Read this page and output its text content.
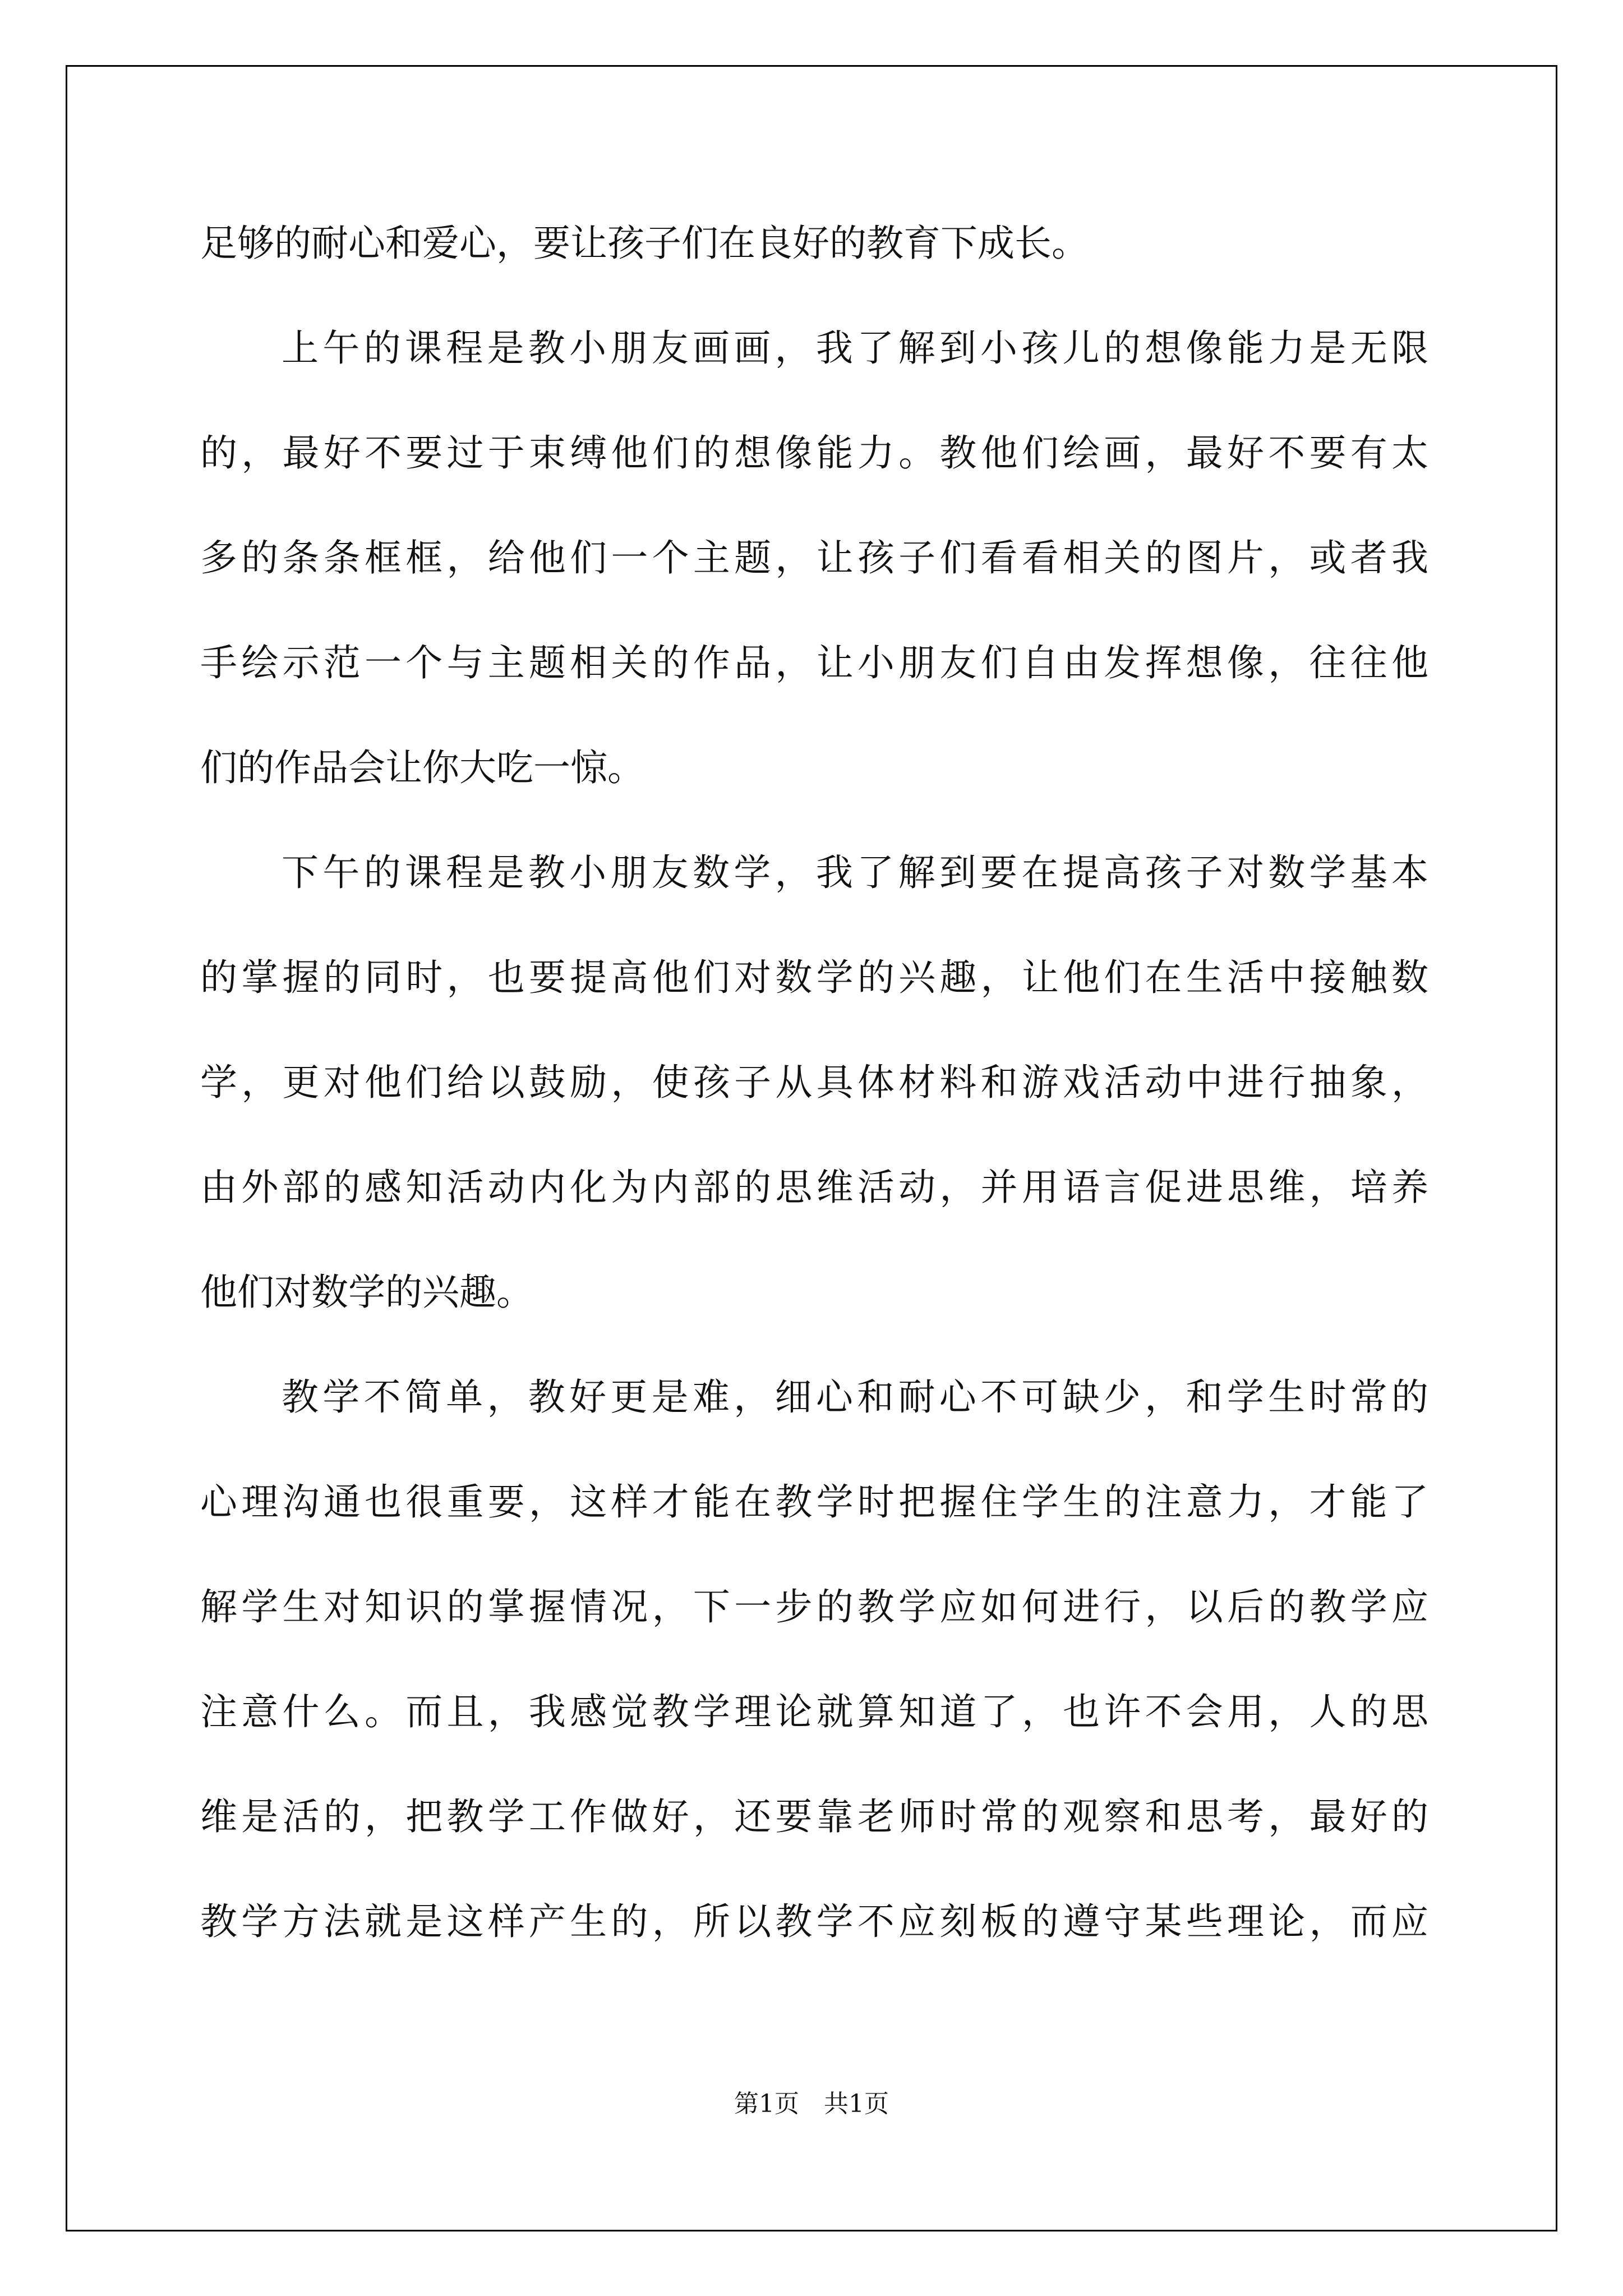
足够的耐心和爱心，要让孩子们在良好的教育下成长。
上午的课程是教小朋友画画，我了解到小孩儿的想像能力是无限
的，最好不要过于束缚他们的想像能力。教他们绘画，最好不要有太
多的条条框框，给他们一个主题，让孩子们看看相关的图片，或者我
手绘示范一个与主题相关的作品，让小朋友们自由发挥想像，往往他
们的作品会让你大吃一惊。
下午的课程是教小朋友数学，我了解到要在提高孩子对数学基本
的掌握的同时，也要提高他们对数学的兴趣，让他们在生活中接触数
学，更对他们给以鼓励，使孩子从具体材料和游戏活动中进行抽象，
由外部的感知活动内化为内部的思维活动，并用语言促进思维，培养
他们对数学的兴趣。
教学不简单，教好更是难，细心和耐心不可缺少，和学生时常的
心理沟通也很重要，这样才能在教学时把握住学生的注意力，才能了
解学生对知识的掌握情况，下一步的教学应如何进行，以后的教学应
注意什么。而且，我感觉教学理论就算知道了，也许不会用，人的思
维是活的，把教学工作做好，还要靠老师时常的观察和思考，最好的
教学方法就是这样产生的，所以教学不应刻板的遵守某些理论，而应
第1页　共1页
